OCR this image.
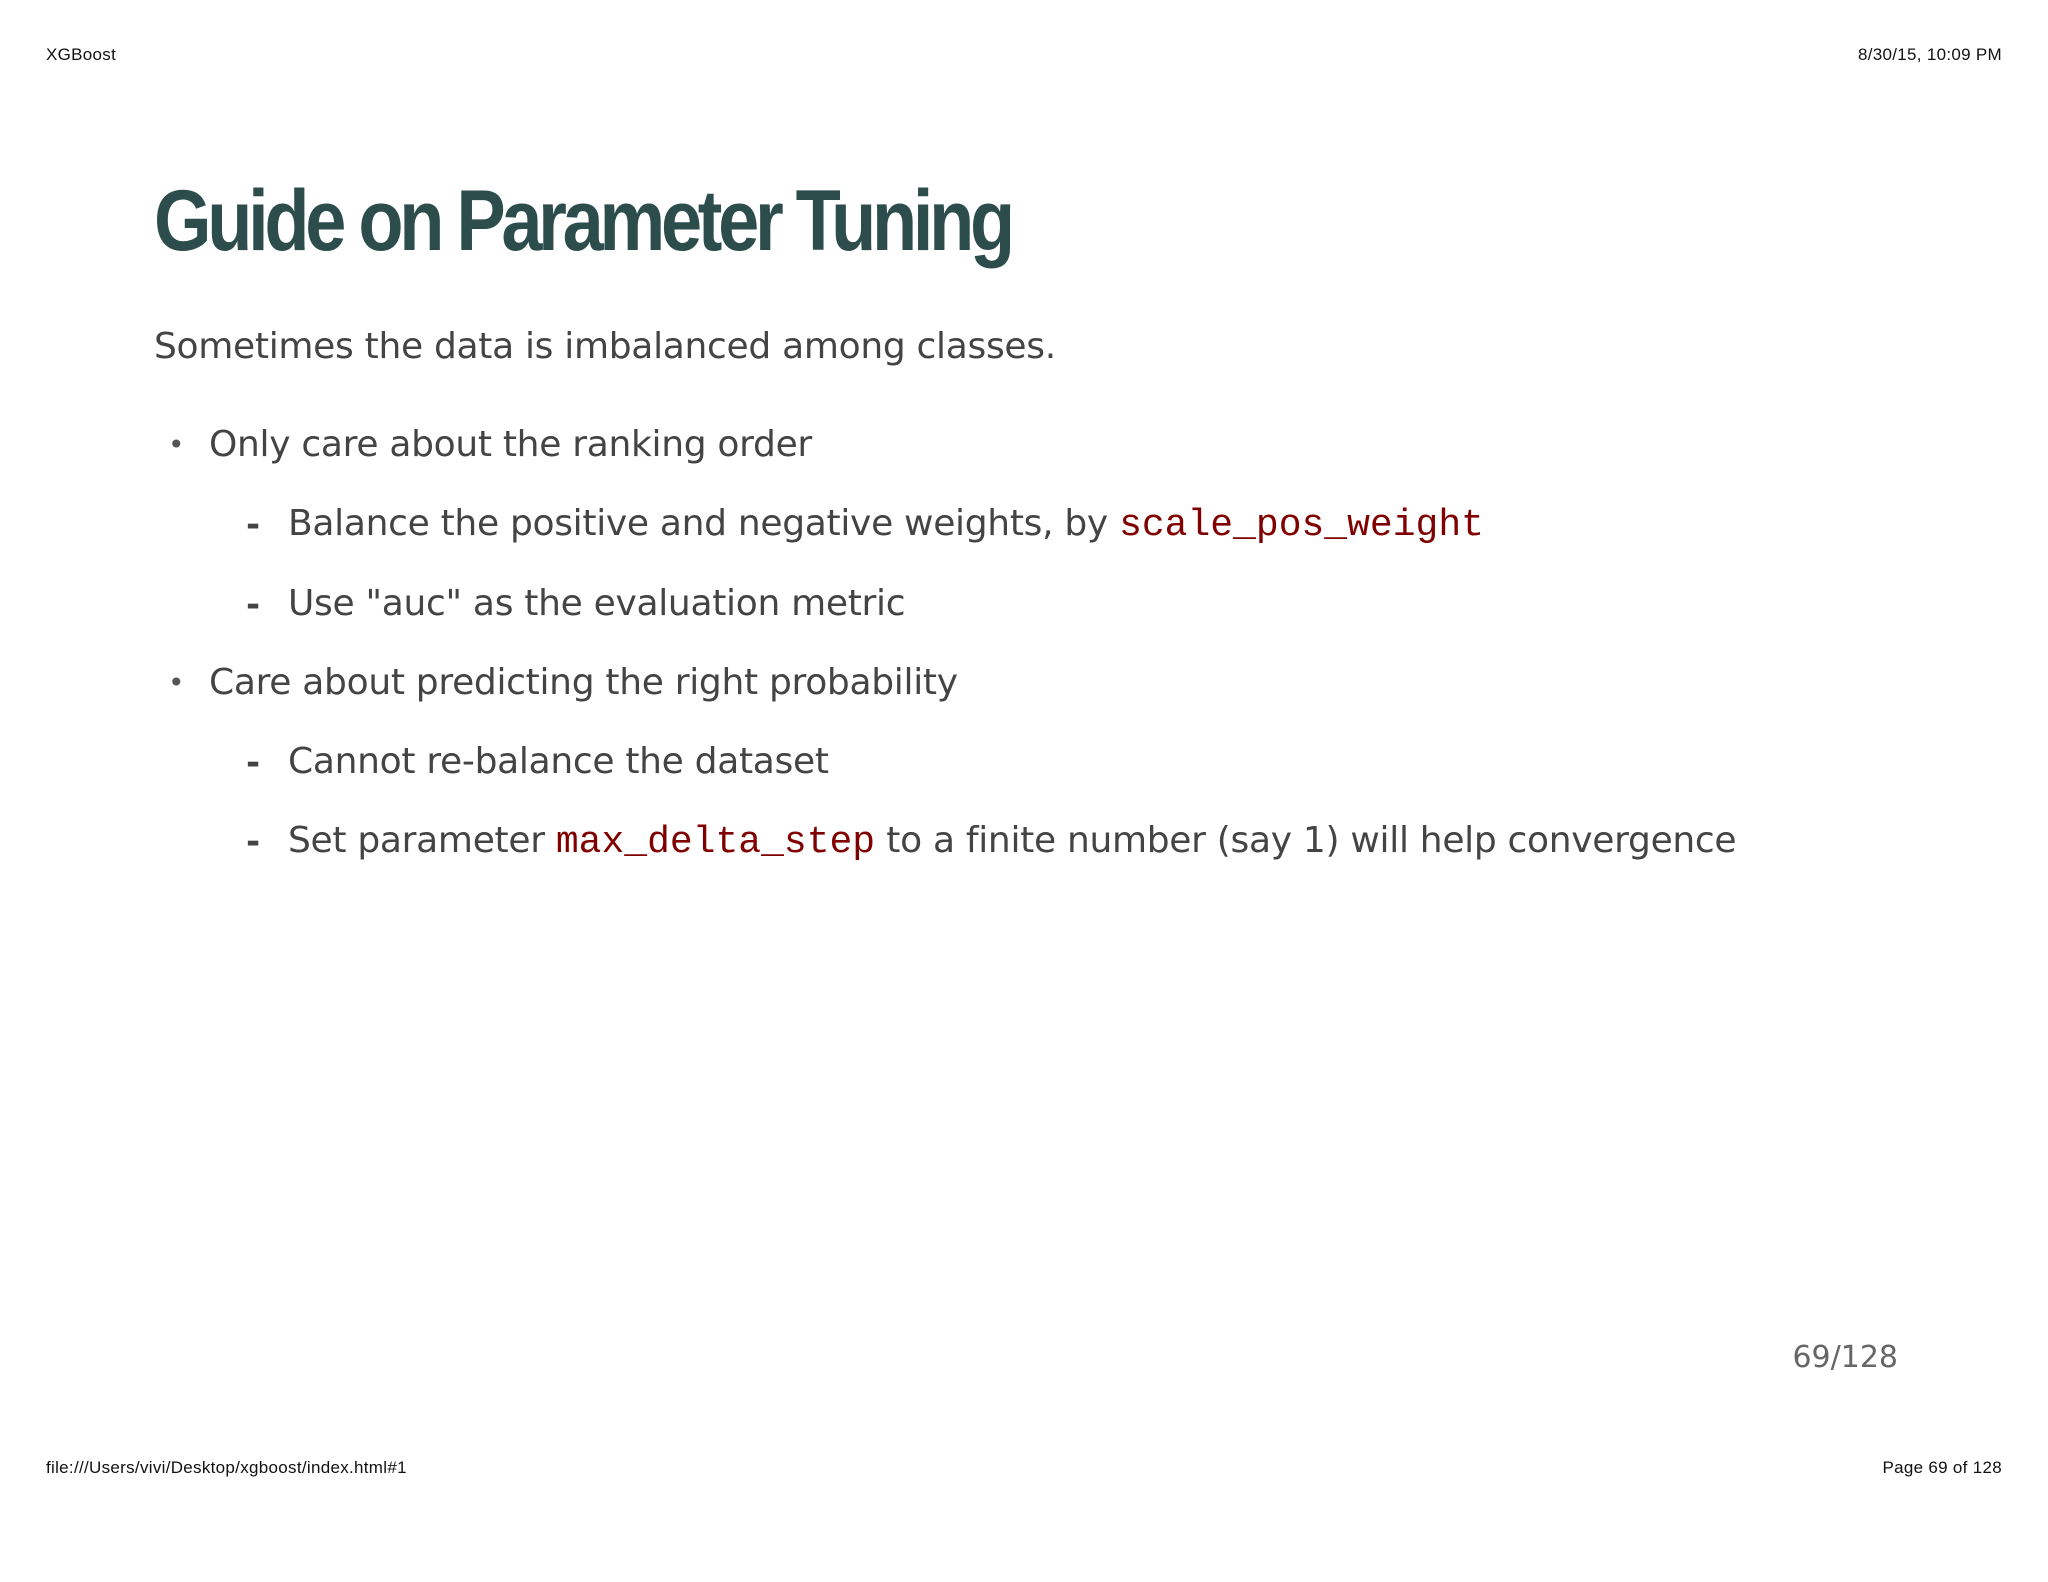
XGBoost	8/30/15, 10:09 PM
Guide on Parameter Tuning
Sometimes the data is imbalanced among classes.
• Only care about the ranking order
- Balance the positive and negative weights, by scale_pos_weight
- Use "auc" as the evaluation metric
• Care about predicting the right probability
- Cannot re-balance the dataset
- Set parameter max_delta_step to a finite number (say 1) will help convergence
69/128
file:///Users/vivi/Desktop/xgboost/index.html#1	Page 69 of 128
